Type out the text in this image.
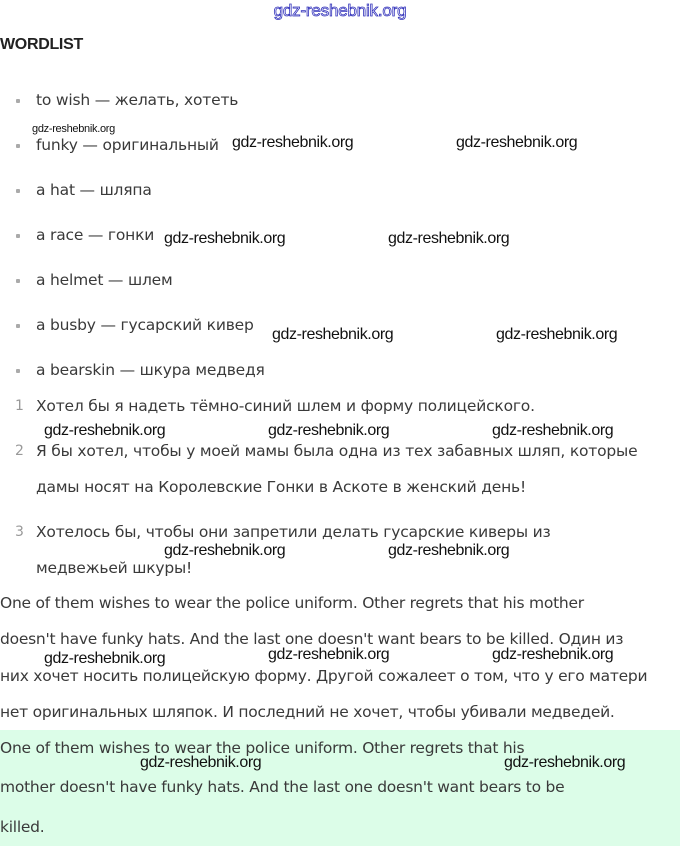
gdz-reshebnik.org
WORDLIST
to wish — желать, хотеть
funky — оригинальный
a hat — шляпа
a race — гонки
a helmet — шлем
a busby — гусарский кивер
a bearskin — шкура медведя
1 Хотел бы я надеть тёмно-синий шлем и форму полицейского.
2 Я бы хотел, чтобы у моей мамы была одна из тех забавных шляп, которые
дамы носят на Королевские Гонки в Аскоте в женский день!
3 Хотелось бы, чтобы они запретили делать гусарские киверы из
медвежьей шкуры!
One of them wishes to wear the police uniform. Other regrets that his mother
doesn't have funky hats. And the last one doesn't want bears to be killed. Один из
них хочет носить полицейскую форму. Другой сожалеет о том, что у его матери
нет оригинальных шляпок. И последний не хочет, чтобы убивали медведей.
One of them wishes to wear the police uniform. Other regrets that his
mother doesn't have funky hats. And the last one doesn't want bears to be
killed.
gdz-reshebnik.org
gdz-reshebnik.org	gdz-reshebnik.org
gdz-reshebnik.org	gdz-reshebnik.org
gdz-reshebnik.org	gdz-reshebnik.org
gdz-reshebnik.org	gdz-reshebnik.org	gdz-reshebnik.org
gdz-reshebnik.org	gdz-reshebnik.org
gdz-reshebnik.org	gdz-reshebnik.org	gdz-reshebnik.org
gdz-reshebnik.org	gdz-reshebnik.org
